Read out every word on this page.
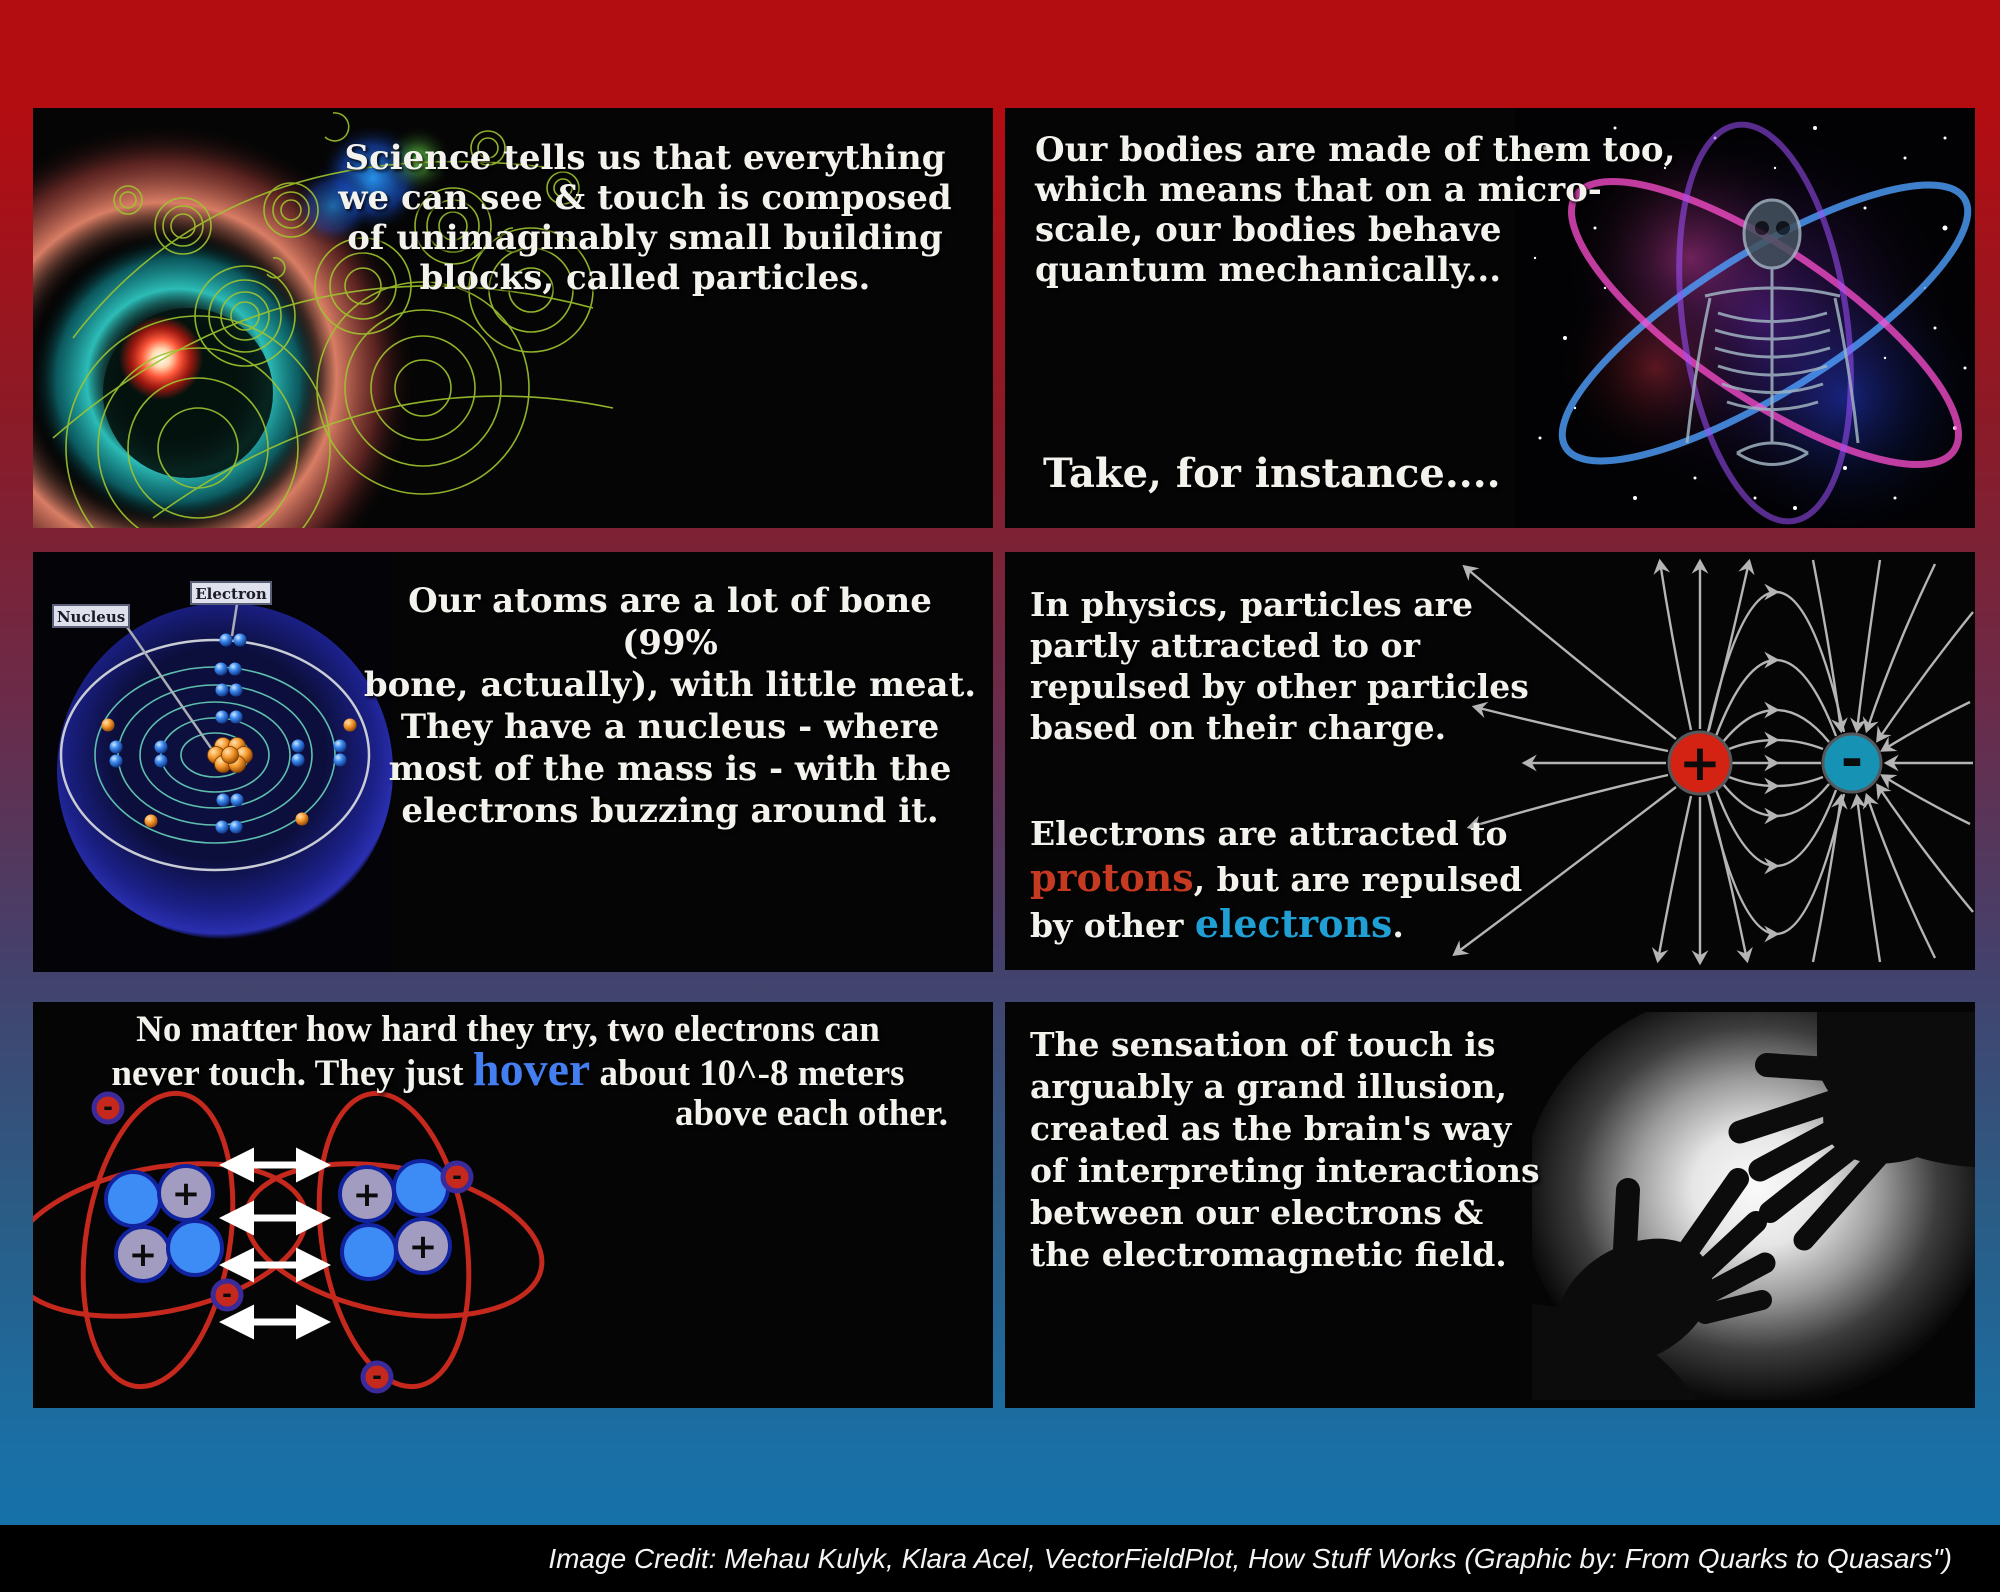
Science tells us that everything
we can see & touch is composed
of unimaginably small building
blocks, called particles.
Our bodies are made of them too,
which means that on a micro-
scale, our bodies behave
quantum mechanically...
Take, for instance....
Nucleus
Electron	Our atoms are a lot of bone (99%
bone, actually), with little meat.
They have a nucleus - where
most of the mass is - with the
electrons buzzing around it.
+ -
In physics, particles are
partly attracted to or
repulsed by other particles
based on their charge.
Electrons are attracted to
protons, but are repulsed
by other electrons.
+
+
+
+
-
-
-
-
No matter how hard they try, two electrons can
never touch. They just hover about 10^-8 meters
above each other.
The sensation of touch is
arguably a grand illusion,
created as the brain's way
of interpreting interactions
between our electrons &
the electromagnetic field.
Image Credit: Mehau Kulyk, Klara Acel, VectorFieldPlot, How Stuff Works (Graphic by: From Quarks to Quasars")
